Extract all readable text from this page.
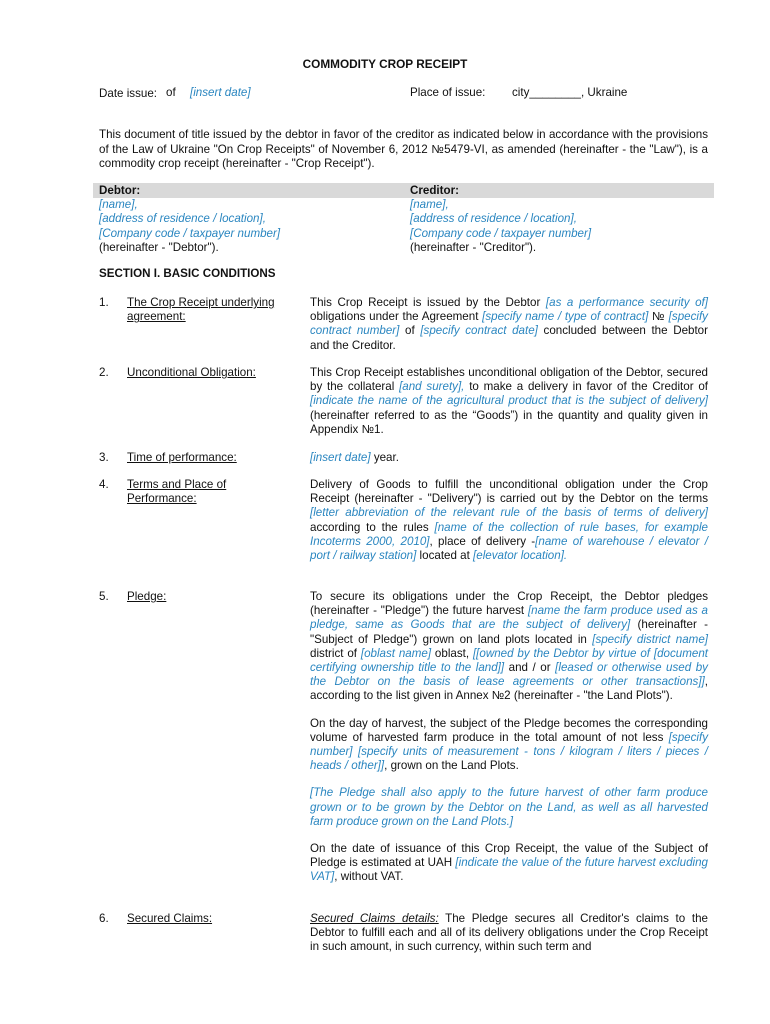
COMMODITY CROP RECEIPT
Date issue: of [insert date]	Place of issue: city________, Ukraine
This document of title issued by the debtor in favor of the creditor as indicated below in accordance with the provisions of the Law of Ukraine "On Crop Receipts" of November 6, 2012 №5479-VI, as amended (hereinafter - the "Law"), is a commodity crop receipt (hereinafter - "Crop Receipt").
Debtor:
[name],
[address of residence / location],
[Company code / taxpayer number]
(hereinafter - "Debtor").
Creditor:
[name],
[address of residence / location],
[Company code / taxpayer number]
(hereinafter - "Creditor").
SECTION I. BASIC CONDITIONS
1. The Crop Receipt underlying agreement:
This Crop Receipt is issued by the Debtor [as a performance security of] obligations under the Agreement [specify name / type of contract] № [specify contract number] of [specify contract date] concluded between the Debtor and the Creditor.
2. Unconditional Obligation:	This Crop Receipt establishes unconditional obligation of the Debtor, secured by the collateral [and surety], to make a delivery in favor of the Creditor of [indicate the name of the agricultural product that is the subject of delivery] (hereinafter referred to as the “Goods”) in the quantity and quality given in Appendix №1.
3. Time of performance:	[insert date] year.
4. Terms and Place of Performance:
Delivery of Goods to fulfill the unconditional obligation under the Crop Receipt (hereinafter - "Delivery") is carried out by the Debtor on the terms [letter abbreviation of the relevant rule of the basis of terms of delivery] according to the rules [name of the collection of rule bases, for example Incoterms 2000, 2010], place of delivery -[name of warehouse / elevator / port / railway station] located at [elevator location].
5. Pledge:	To secure its obligations under the Crop Receipt, the Debtor pledges (hereinafter - "Pledge") the future harvest [name the farm produce used as a pledge, same as Goods that are the subject of delivery] (hereinafter - "Subject of Pledge") grown on land plots located in [specify district name] district of [oblast name] oblast, [[owned by the Debtor by virtue of [document certifying ownership title to the land]] and / or [leased or otherwise used by the Debtor on the basis of lease agreements or other transactions]], according to the list given in Annex №2 (hereinafter - "the Land Plots").

On the day of harvest, the subject of the Pledge becomes the corresponding volume of harvested farm produce in the total amount of not less [specify number] [specify units of measurement - tons / kilogram / liters / pieces / heads / other]], grown on the Land Plots.

[The Pledge shall also apply to the future harvest of other farm produce grown or to be grown by the Debtor on the Land, as well as all harvested farm produce grown on the Land Plots.]

On the date of issuance of this Crop Receipt, the value of the Subject of Pledge is estimated at UAH [indicate the value of the future harvest excluding VAT], without VAT.

6. Secured Claims:	Secured Claims details: The Pledge secures all Creditor's claims to the Debtor to fulfill each and all of its delivery obligations under the Crop Receipt in such amount, in such currency, within such term and
